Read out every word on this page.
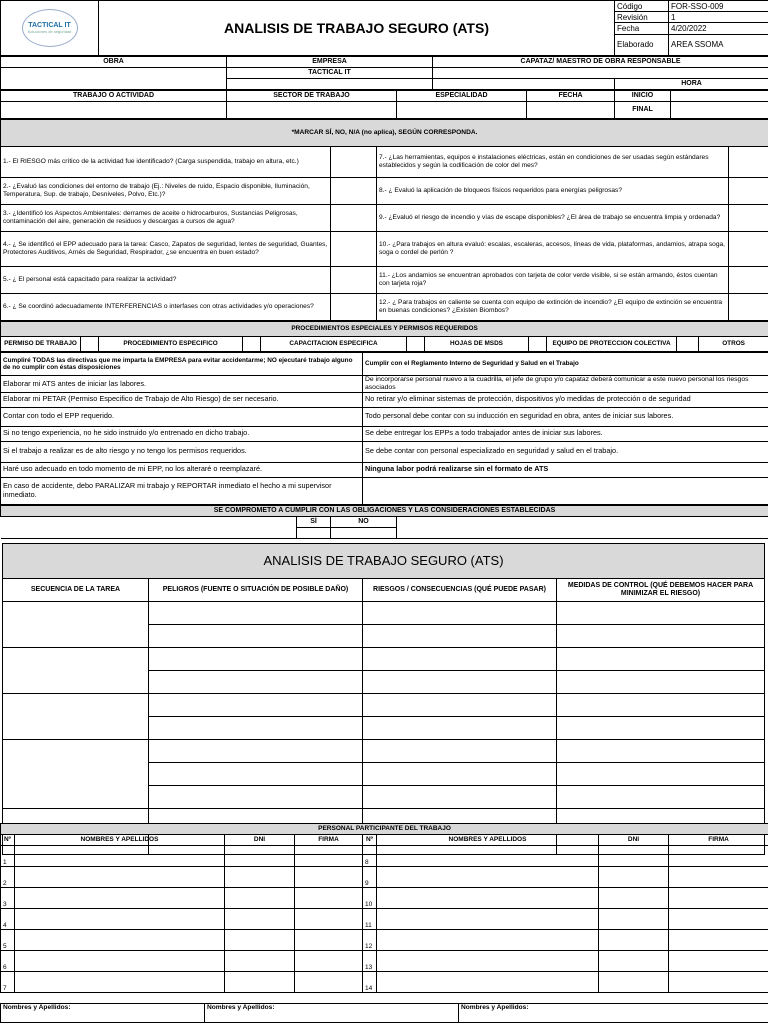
TACTICAL IT
Soluciones de seguridad	ANALISIS DE TRABAJO SEGURO (ATS)	Código	FOR-SSO-009
		Revisión	1
		Fecha	4/20/2022
		Elaborado	AREA SSOMA
OBRA	EMPRESA	CAPATAZ/ MAESTRO DE OBRA RESPONSABLE	
	TACTICAL IT		
			HORA
TRABAJO O ACTIVIDAD	SECTOR DE TRABAJO	ESPECIALIDAD	FECHA	INICIO	
				FINAL	
*MARCAR SÍ, NO, N/A (no aplica), SEGÚN CORRESPONDA.			
1.- El RIESGO más crítico de la actividad fue identificado? (Carga suspendida, trabajo en altura, etc.)		7.- ¿Las herramientas, equipos e instalaciones eléctricas, están en condiciones de ser usadas según estándares establecidos y según la codificación de color del mes?	
2.- ¿Evaluó las condiciones del entorno de trabajo (Ej.: Niveles de ruido, Espacio disponible, Iluminación, Temperatura, Sup. de trabajo, Desniveles, Polvo, Etc.)?		8.- ¿ Evaluó la aplicación de bloqueos físicos requeridos para energías peligrosas?	
3.- ¿Identificó los Aspectos Ambientales: derrames de aceite o hidrocarburos, Sustancias Peligrosas, contaminación del aire, generación de residuos y descargas a cursos de agua?		9.- ¿Evaluó el riesgo de incendio y vías de escape disponibles? ¿El área de trabajo se encuentra limpia y ordenada?	
4.- ¿ Se identificó el EPP adecuado para la tarea: Casco, Zapatos de seguridad, lentes de seguridad, Guantes, Protectores Auditivos, Arnés de Seguridad, Respirador, ¿se encuentra en buen estado?		10.- ¿Para trabajos en altura evaluó: escalas, escaleras, accesos, líneas de vida, plataformas, andamios, atrapa soga, soga o cordel de perlón ?	
5.- ¿ El personal está capacitado para realizar la actividad?		11.- ¿Los andamios se encuentran aprobados con tarjeta de color verde visible, si se están armando, éstos cuentan con tarjeta roja?	
6.- ¿ Se coordinó adecuadamente INTERFERENCIAS o interfases con otras actividades y/o operaciones?		12.- ¿ Para trabajos en caliente se cuenta con equipo de extinción de incendio? ¿El equipo de extinción se encuentra en buenas condiciones? ¿Existen Biombos?	
PROCEDIMIENTOS ESPECIALES Y PERMISOS REQUERIDOS
PERMISO DE TRABAJO		PROCEDIMIENTO ESPECIFICO		CAPACITACION ESPECIFICA		HOJAS DE MSDS		EQUIPO DE PROTECCION COLECTIVA		OTROS
Cumpliré TODAS las directivas que me imparta la EMPRESA para evitar accidentarme; NO ejecutaré trabajo alguno de no cumplir con éstas disposiciones	Cumplir con el Reglamento Interno de Seguridad y Salud en el Trabajo
Elaborar mi ATS antes de iniciar las labores.	De incorporarse personal nuevo a la cuadrilla, el jefe de grupo y/o capataz deberá comunicar a este nuevo personal los riesgos asociados
Elaborar mi PETAR (Permiso Especifico de Trabajo de Alto Riesgo) de ser necesario.	No retirar y/o eliminar sistemas de protección, dispositivos y/o medidas de protección o de seguridad
Contar con todo el EPP requerido.	Todo personal debe contar con su inducción en seguridad en obra, antes de iniciar sus labores.
Si no tengo experiencia, no he sido instruido y/o entrenado en dicho trabajo.	Se debe entregar los EPPs a todo trabajador antes de iniciar sus labores.
Si el trabajo a realizar es de alto riesgo y no tengo los permisos requeridos.	Se debe contar con personal especializado en seguridad y salud en el trabajo.
Haré uso adecuado en todo momento de mi EPP, no los alteraré o reemplazaré.	Ninguna labor podrá realizarse sin el formato de ATS
En caso de accidente, debo PARALIZAR mi trabajo y REPORTAR inmediato el hecho a mi supervisor inmediato.	
SE COMPROMETO A CUMPLIR CON LAS OBLIGACIONES Y LAS CONSIDERACIONES ESTABLECIDAS			
	SÍ	NO	

ANALISIS DE TRABAJO SEGURO (ATS)			
SECUENCIA DE LA TAREA	PELIGROS (FUENTE O SITUACIÓN DE POSIBLE DAÑO)	RIESGOS / CONSECUENCIAS (QUÉ PUEDE PASAR)	MEDIDAS DE CONTROL (QUÉ DEBEMOS HACER PARA MINIMIZAR EL RIESGO)

PERSONAL PARTICIPANTE DEL TRABAJO							
Nº	NOMBRES Y APELLIDOS	DNI	FIRMA	Nº	NOMBRES Y APELLIDOS	DNI	FIRMA
1				8			
2				9			
3				10			
4				11			
5				12			
6				13			
7				14			
Nombres y Apellidos:	Nombres y Apellidos:	Nombres y Apellidos:
